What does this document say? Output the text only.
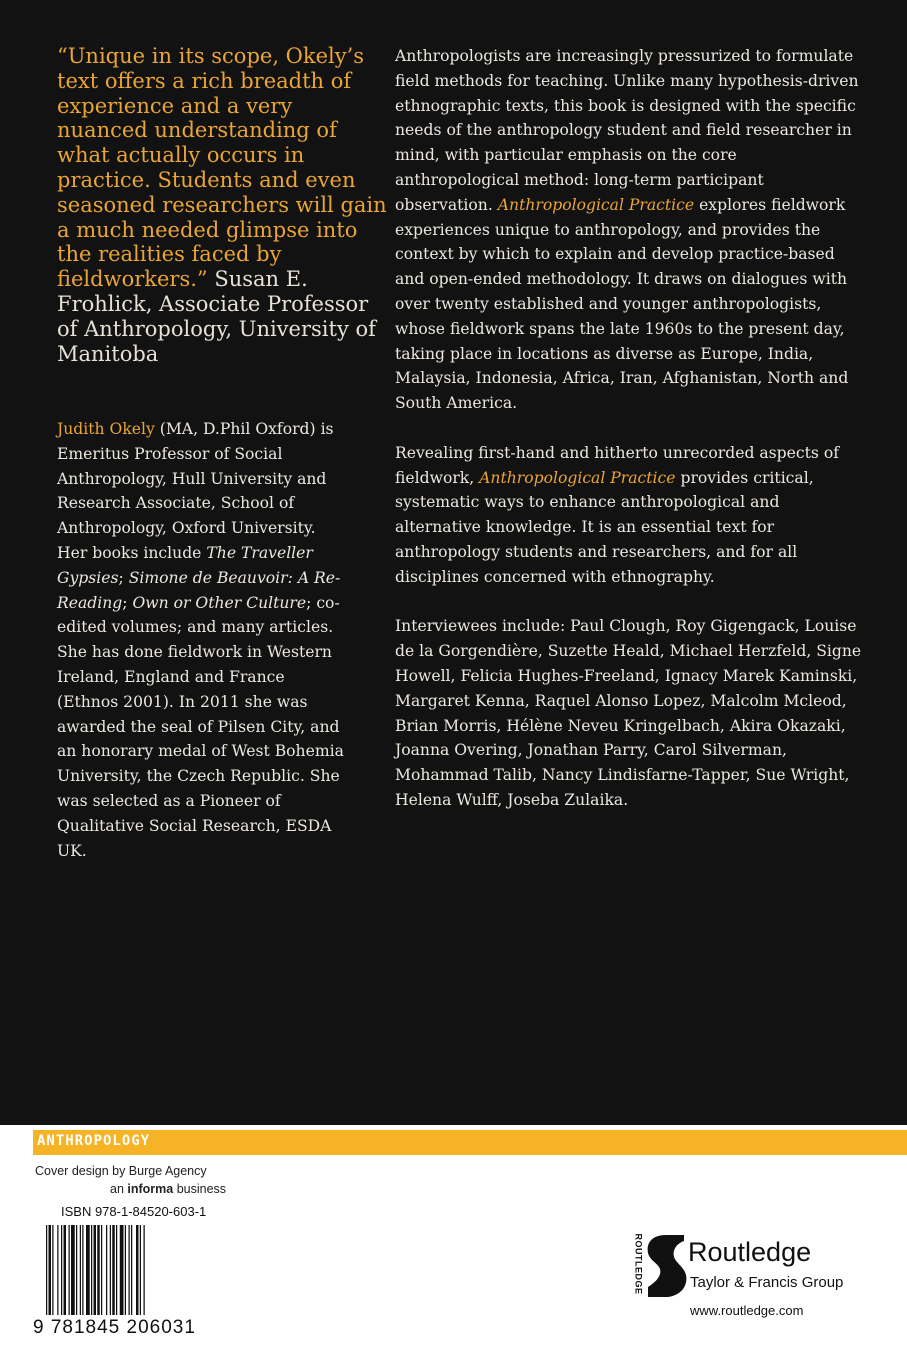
“Unique in its scope, Okely’s text offers a rich breadth of experience and a very nuanced understanding of what actually occurs in practice. Students and even seasoned researchers will gain a much needed glimpse into the realities faced by fieldworkers.” Susan E. Frohlick, Associate Professor of Anthropology, University of Manitoba
Judith Okely (MA, D.Phil Oxford) is Emeritus Professor of Social Anthropology, Hull University and Research Associate, School of Anthropology, Oxford University. Her books include The Traveller Gypsies; Simone de Beauvoir: A Re-Reading; Own or Other Culture; co-edited volumes; and many articles. She has done fieldwork in Western Ireland, England and France (Ethnos 2001). In 2011 she was awarded the seal of Pilsen City, and an honorary medal of West Bohemia University, the Czech Republic. She was selected as a Pioneer of Qualitative Social Research, ESDA UK.

Anthropologists are increasingly pressurized to formulate field methods for teaching. Unlike many hypothesis-driven ethnographic texts, this book is designed with the specific needs of the anthropology student and field researcher in mind, with particular emphasis on the core anthropological method: long-term participant observation. Anthropological Practice explores fieldwork experiences unique to anthropology, and provides the context by which to explain and develop practice-based and open-ended methodology. It draws on dialogues with over twenty established and younger anthropologists, whose fieldwork spans the late 1960s to the present day, taking place in locations as diverse as Europe, India, Malaysia, Indonesia, Africa, Iran, Afghanistan, North and South America.

Revealing first-hand and hitherto unrecorded aspects of fieldwork, Anthropological Practice provides critical, systematic ways to enhance anthropological and alternative knowledge. It is an essential text for anthropology students and researchers, and for all disciplines concerned with ethnography.

Interviewees include: Paul Clough, Roy Gigengack, Louise de la Gorgendière, Suzette Heald, Michael Herzfeld, Signe Howell, Felicia Hughes-Freeland, Ignacy Marek Kaminski, Margaret Kenna, Raquel Alonso Lopez, Malcolm Mcleod, Brian Morris, Hélène Neveu Kringelbach, Akira Okazaki, Joanna Overing, Jonathan Parry, Carol Silverman, Mohammad Talib, Nancy Lindisfarne-Tapper, Sue Wright, Helena Wulff, Joseba Zulaika.

ANTHROPOLOGY
Cover design by Burge Agency
an informa business
ISBN 978-1-84520-603-1
9 781845 206031
ROUTLEDGE Routledge
Taylor & Francis Group
www.routledge.com
